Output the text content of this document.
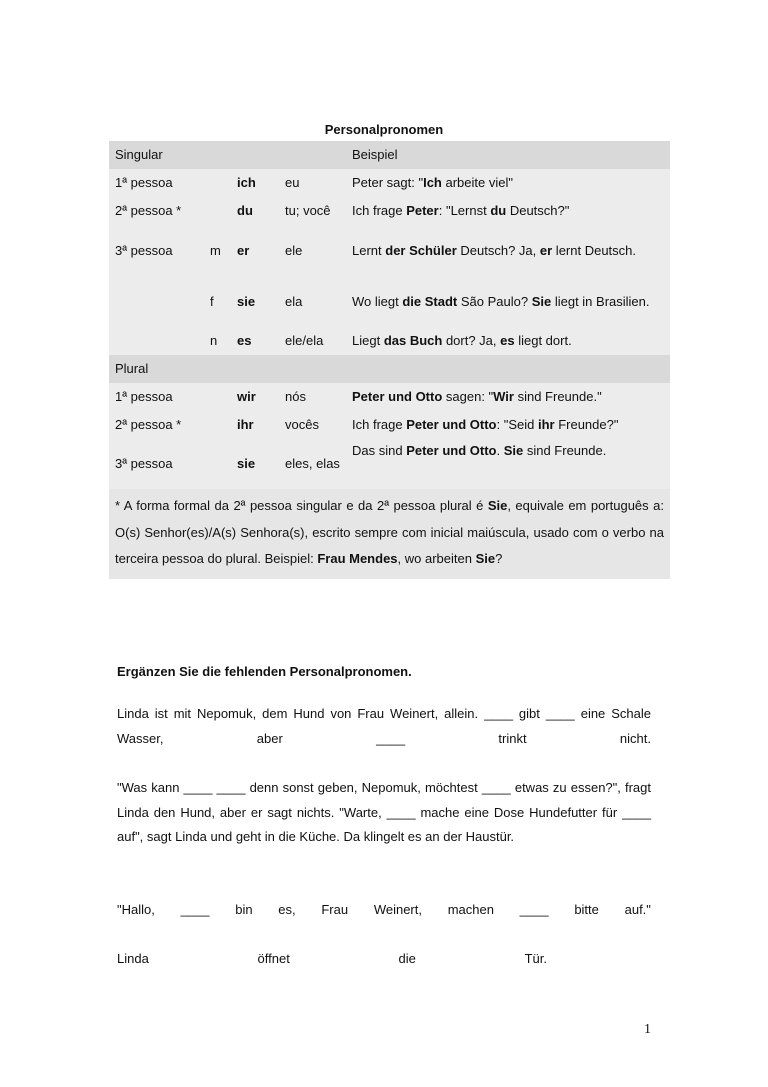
Personalpronomen
Singular				Beispiel
1ª pessoa		ich	eu	Peter sagt: "Ich arbeite viel"
2ª pessoa *		du	tu; você	Ich frage Peter: "Lernst du Deutsch?"
3ª pessoa	m	er	ele	Lernt der Schüler Deutsch? Ja, er lernt Deutsch.
	f	sie	ela	Wo liegt die Stadt São Paulo? Sie liegt in Brasilien.
	n	es	ele/ela	Liegt das Buch dort? Ja, es liegt dort.
Plural				
1ª pessoa		wir	nós	Peter und Otto sagen: "Wir sind Freunde."
2ª pessoa *		ihr	vocês	Ich frage Peter und Otto: "Seid ihr Freunde?"
3ª pessoa		sie	eles, elas	Das sind Peter und Otto. Sie sind Freunde.
* A forma formal da 2ª pessoa singular e da 2ª pessoa plural é Sie, equivale em português a: O(s) Senhor(es)/A(s) Senhora(s), escrito sempre com inicial maiúscula, usado com o verbo na terceira pessoa do plural. Beispiel: Frau Mendes, wo arbeiten Sie?				
Ergänzen Sie die fehlenden Personalpronomen.
Linda ist mit Nepomuk, dem Hund von Frau Weinert, allein. ____ gibt ____ eine Schale Wasser, aber ____ trinkt nicht.
"Was kann ____ ____ denn sonst geben, Nepomuk, möchtest ____ etwas zu essen?", fragt Linda den Hund, aber er sagt nichts. "Warte, ____ mache eine Dose Hundefutter für ____ auf", sagt Linda und geht in die Küche. Da klingelt es an der Haustür.
"Hallo, ____ bin es, Frau Weinert, machen ____ bitte auf."
Linda	öffnet	die	Tür.
1
